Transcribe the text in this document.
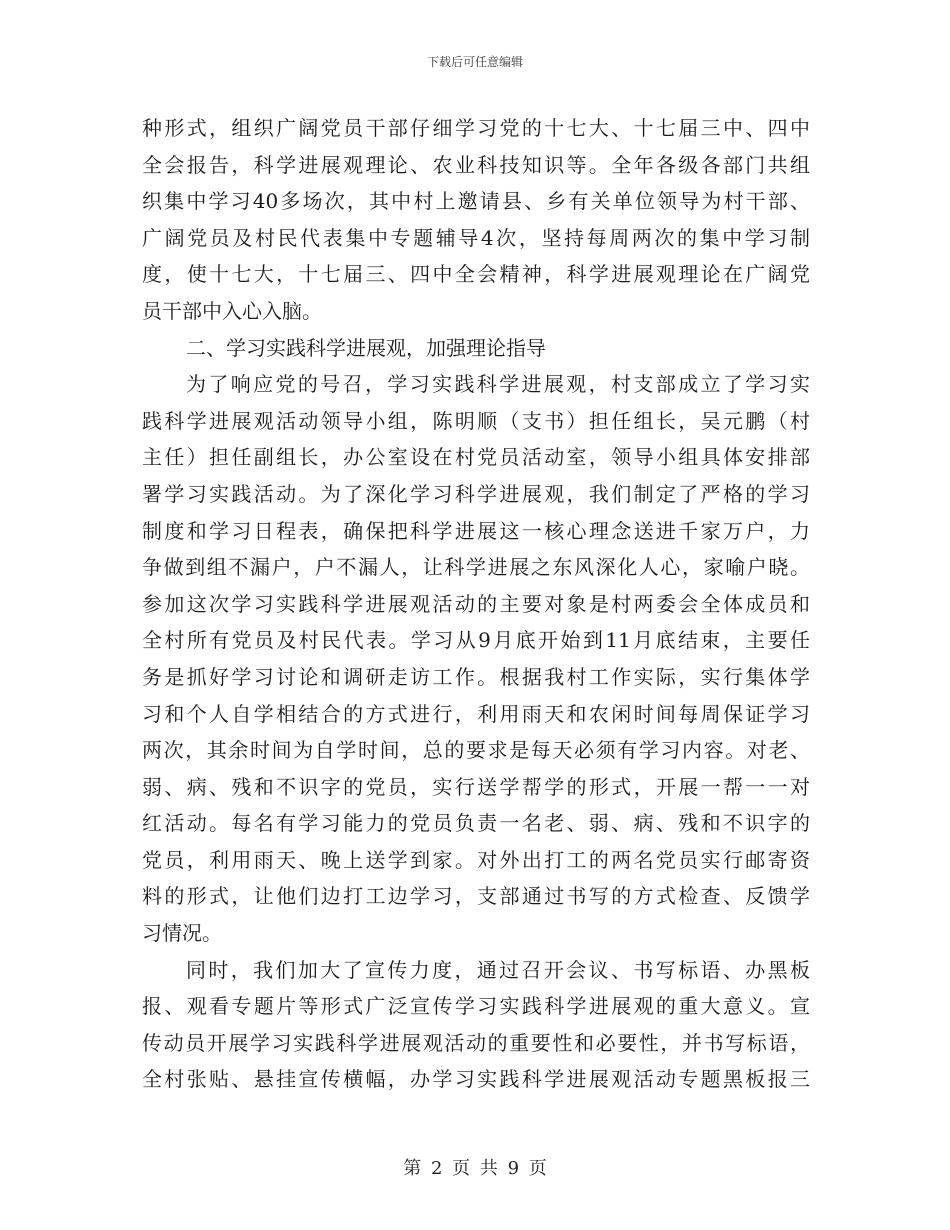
下载后可任意编辑
种形式，组织广阔党员干部仔细学习党的十七大、十七届三中、四中
全会报告，科学进展观理论、农业科技知识等。全年各级各部门共组
织集中学习40多场次，其中村上邀请县、乡有关单位领导为村干部、
广阔党员及村民代表集中专题辅导4次，坚持每周两次的集中学习制
度，使十七大，十七届三、四中全会精神，科学进展观理论在广阔党
员干部中入心入脑。
二、学习实践科学进展观，加强理论指导
为了响应党的号召，学习实践科学进展观，村支部成立了学习实
践科学进展观活动领导小组，陈明顺（支书）担任组长，吴元鹏（村
主任）担任副组长，办公室设在村党员活动室，领导小组具体安排部
署学习实践活动。为了深化学习科学进展观，我们制定了严格的学习
制度和学习日程表，确保把科学进展这一核心理念送进千家万户，力
争做到组不漏户，户不漏人，让科学进展之东风深化人心，家喻户晓。
参加这次学习实践科学进展观活动的主要对象是村两委会全体成员和
全村所有党员及村民代表。学习从9月底开始到11月底结束，主要任
务是抓好学习讨论和调研走访工作。根据我村工作实际，实行集体学
习和个人自学相结合的方式进行，利用雨天和农闲时间每周保证学习
两次，其余时间为自学时间，总的要求是每天必须有学习内容。对老、
弱、病、残和不识字的党员，实行送学帮学的形式，开展一帮一一对
红活动。每名有学习能力的党员负责一名老、弱、病、残和不识字的
党员，利用雨天、晚上送学到家。对外出打工的两名党员实行邮寄资
料的形式，让他们边打工边学习，支部通过书写的方式检查、反馈学
习情况。
同时，我们加大了宣传力度，通过召开会议、书写标语、办黑板
报、观看专题片等形式广泛宣传学习实践科学进展观的重大意义。宣
传动员开展学习实践科学进展观活动的重要性和必要性，并书写标语，
全村张贴、悬挂宣传横幅，办学习实践科学进展观活动专题黑板报三
第 2 页 共 9 页
